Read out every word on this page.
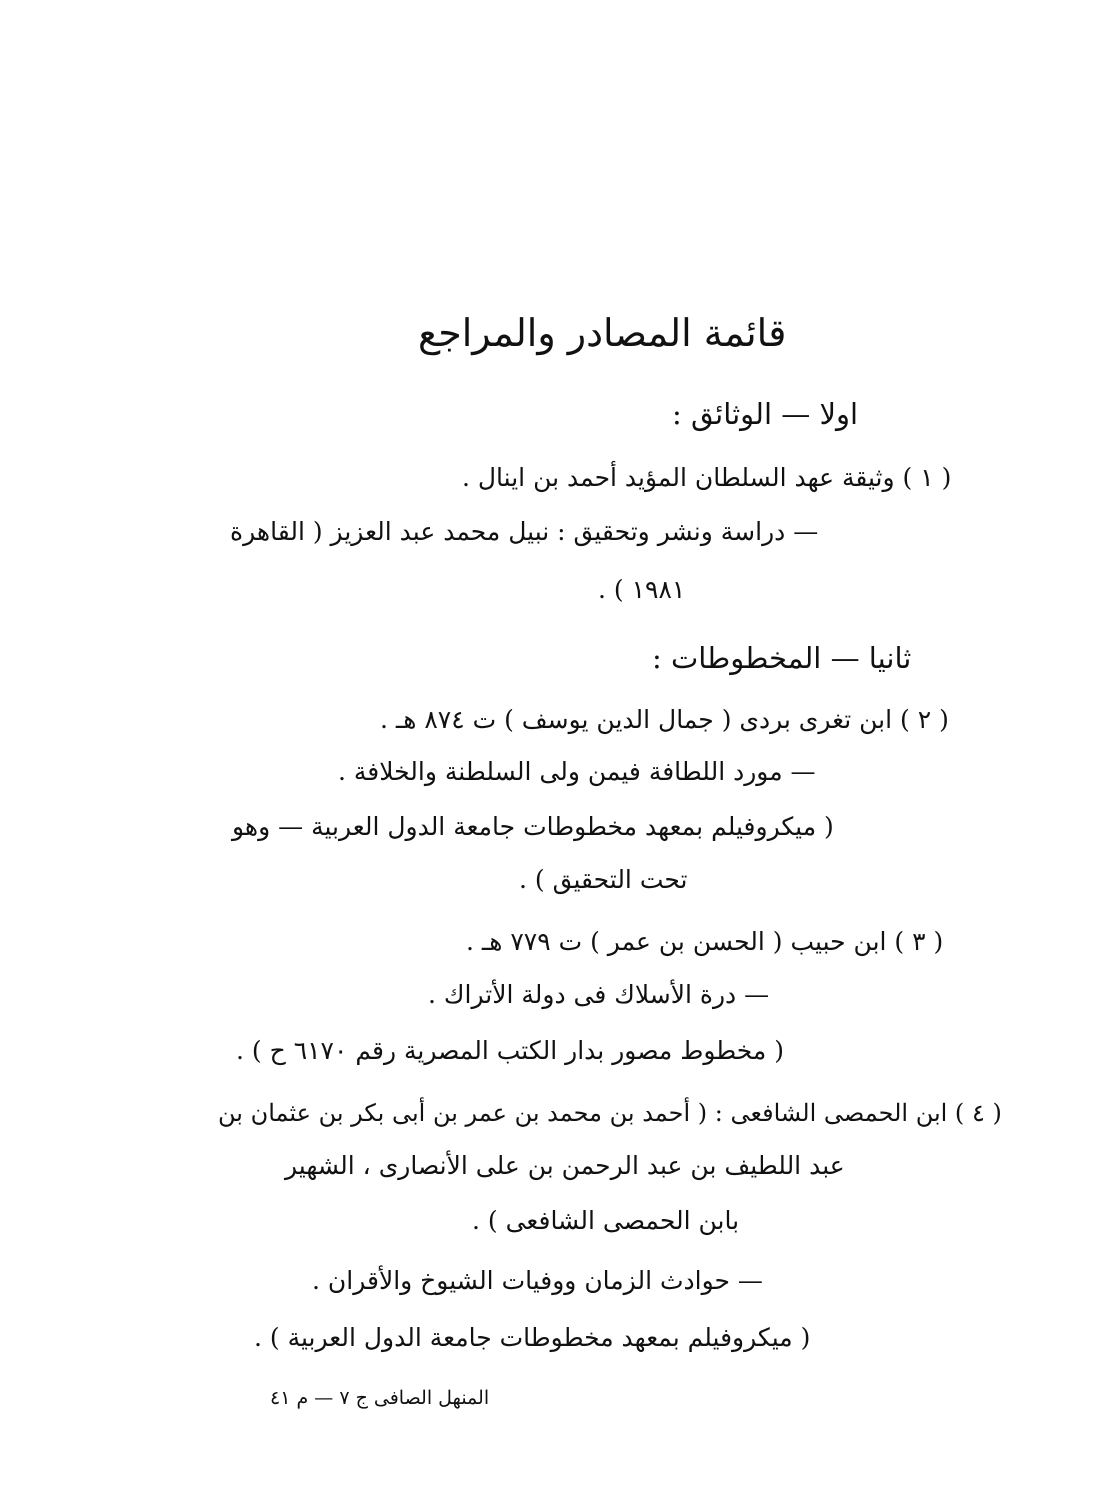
قائمة المصادر والمراجع
اولا — الوثائق :
( ١ ) وثيقة عهد السلطان المؤيد أحمد بن اينال .
— دراسة ونشر وتحقيق : نبيل محمد عبد العزيز ( القاهرة
١٩٨١ ) .
ثانيا — المخطوطات :
( ٢ ) ابن تغرى بردى ( جمال الدين يوسف ) ت ٨٧٤ هـ .
— مورد اللطافة فيمن ولى السلطنة والخلافة .
( ميكروفيلم بمعهد مخطوطات جامعة الدول العربية — وهو
تحت التحقيق ) .
( ٣ ) ابن حبيب ( الحسن بن عمر ) ت ٧٧٩ هـ .
— درة الأسلاك فى دولة الأتراك .
( مخطوط مصور بدار الكتب المصرية رقم ٦١٧٠ ح ) .
( ٤ ) ابن الحمصى الشافعى : ( أحمد بن محمد بن عمر بن أبى بكر بن عثمان بن
عبد اللطيف بن عبد الرحمن بن على الأنصارى ، الشهير
بابن الحمصى الشافعى ) .
— حوادث الزمان ووفيات الشيوخ والأقران .
( ميكروفيلم بمعهد مخطوطات جامعة الدول العربية ) .
المنهل الصافى ج ٧ — م ٤١
